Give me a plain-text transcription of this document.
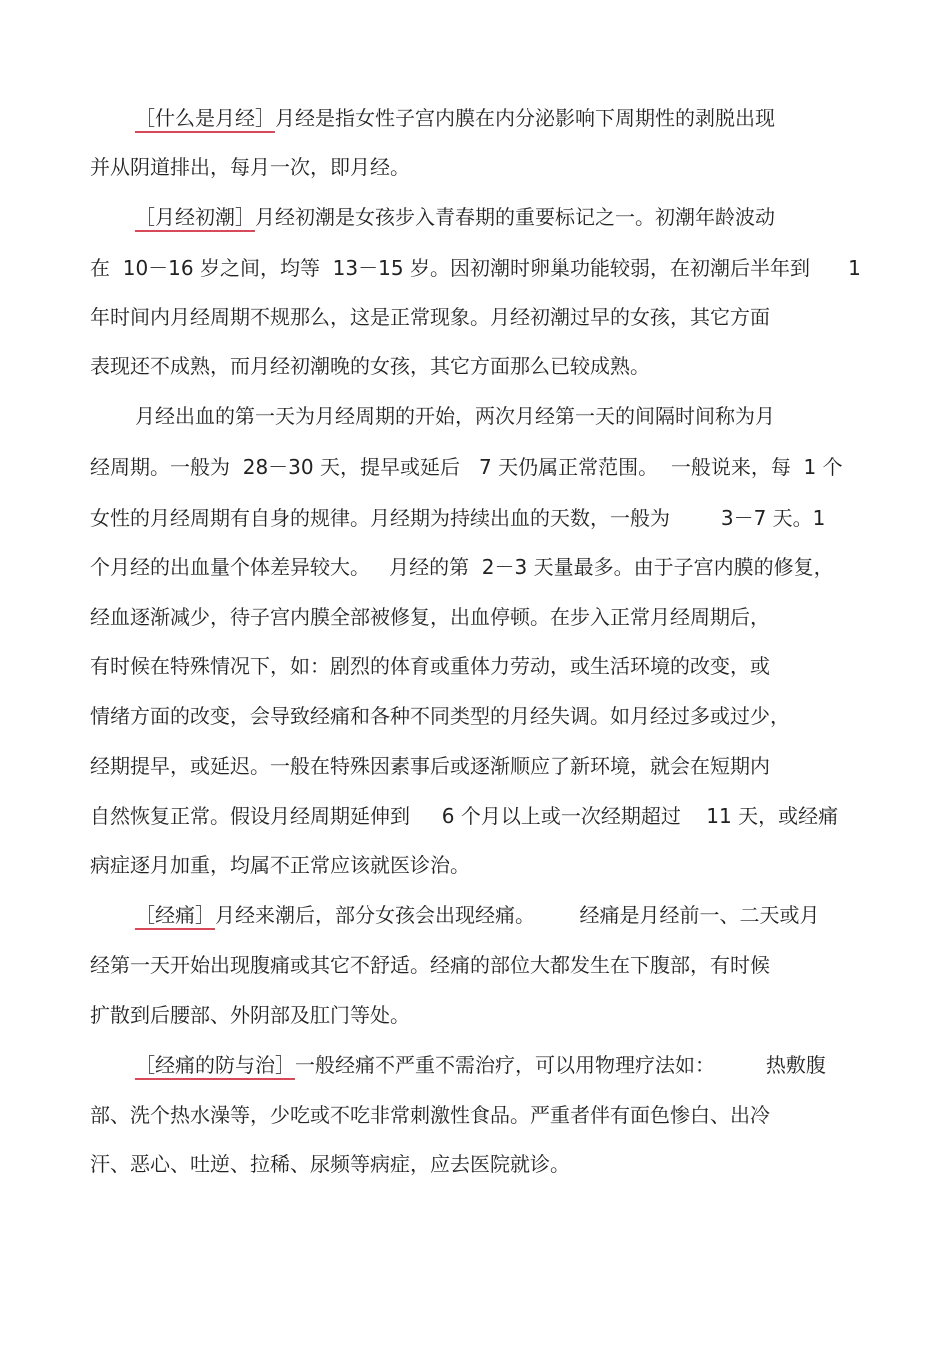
［什么是月经］月经是指女性子宫内膜在内分泌影响下周期性的剥脱出现

并从阴道排出，每月一次，即月经。

［月经初潮］月经初潮是女孩步入青春期的重要标记之一。初潮年龄波动

在  10－16 岁之间，均等  13－15 岁。因初潮时卵巢功能较弱，在初潮后半年到      1

年时间内月经周期不规那么，这是正常现象。月经初潮过早的女孩，其它方面

表现还不成熟，而月经初潮晚的女孩，其它方面那么已较成熟。

月经出血的第一天为月经周期的开始，两次月经第一天的间隔时间称为月

经周期。一般为  28－30 天，提早或延后   7 天仍属正常范围。  一般说来，每  1 个

女性的月经周期有自身的规律。月经期为持续出血的天数，一般为        3－7 天。1

个月经的出血量个体差异较大。   月经的第  2－3 天量最多。由于子宫内膜的修复，

经血逐渐减少，待子宫内膜全部被修复，出血停顿。在步入正常月经周期后，

有时候在特殊情况下，如：剧烈的体育或重体力劳动，或生活环境的改变，或

情绪方面的改变，会导致经痛和各种不同类型的月经失调。如月经过多或过少，

经期提早，或延迟。一般在特殊因素事后或逐渐顺应了新环境，就会在短期内

自然恢复正常。假设月经周期延伸到     6 个月以上或一次经期超过    11 天，或经痛

病症逐月加重，均属不正常应该就医诊治。

［经痛］月经来潮后，部分女孩会出现经痛。       经痛是月经前一、二天或月

经第一天开始出现腹痛或其它不舒适。经痛的部位大都发生在下腹部，有时候

扩散到后腰部、外阴部及肛门等处。

［经痛的防与治］一般经痛不严重不需治疗，可以用物理疗法如：        热敷腹

部、洗个热水澡等，少吃或不吃非常刺激性食品。严重者伴有面色惨白、出冷

汗、恶心、吐逆、拉稀、尿频等病症，应去医院就诊。
